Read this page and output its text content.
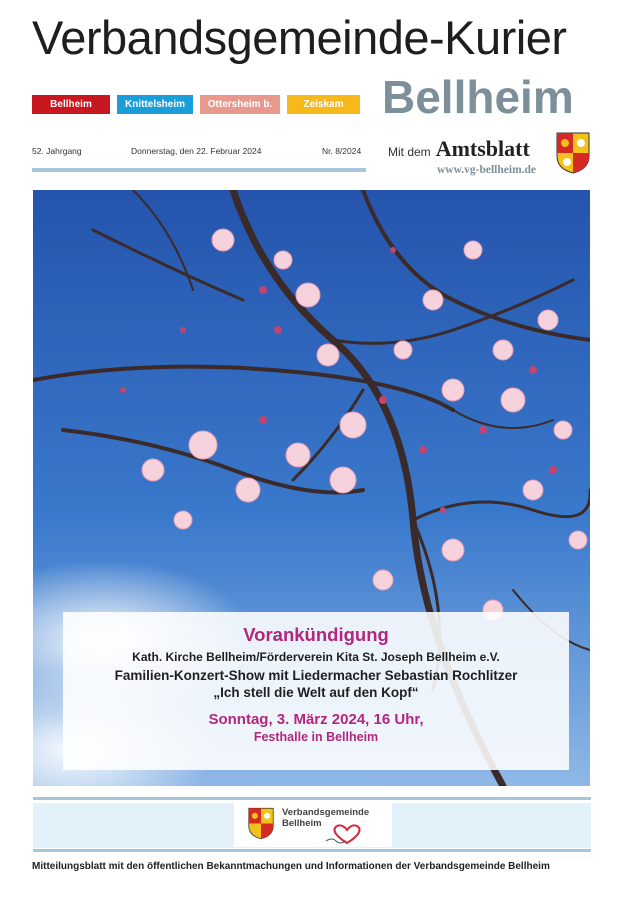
Verbandsgemeinde-Kurier
Bellheim	Knittelsheim	Ottersheim b. L.
Zeiskam Bellheim
52. Jahrgang	Donnerstag, den 22. Februar 2024	Nr. 8/2024 Mit dem Amtsblatt
www.vg-bellheim.de
Vorankündigung
Kath. Kirche Bellheim/Förderverein Kita St. Joseph Bellheim e.V.
Familien-Konzert-Show mit Liedermacher Sebastian Rochlitzer
„Ich stell die Welt auf den Kopf“
Sonntag, 3. März 2024, 16 Uhr,
Festhalle in Bellheim
Verbandsgemeinde
Bellheim
Mitteilungsblatt mit den öffentlichen Bekanntmachungen und Informationen der Verbandsgemeinde Bellheim
